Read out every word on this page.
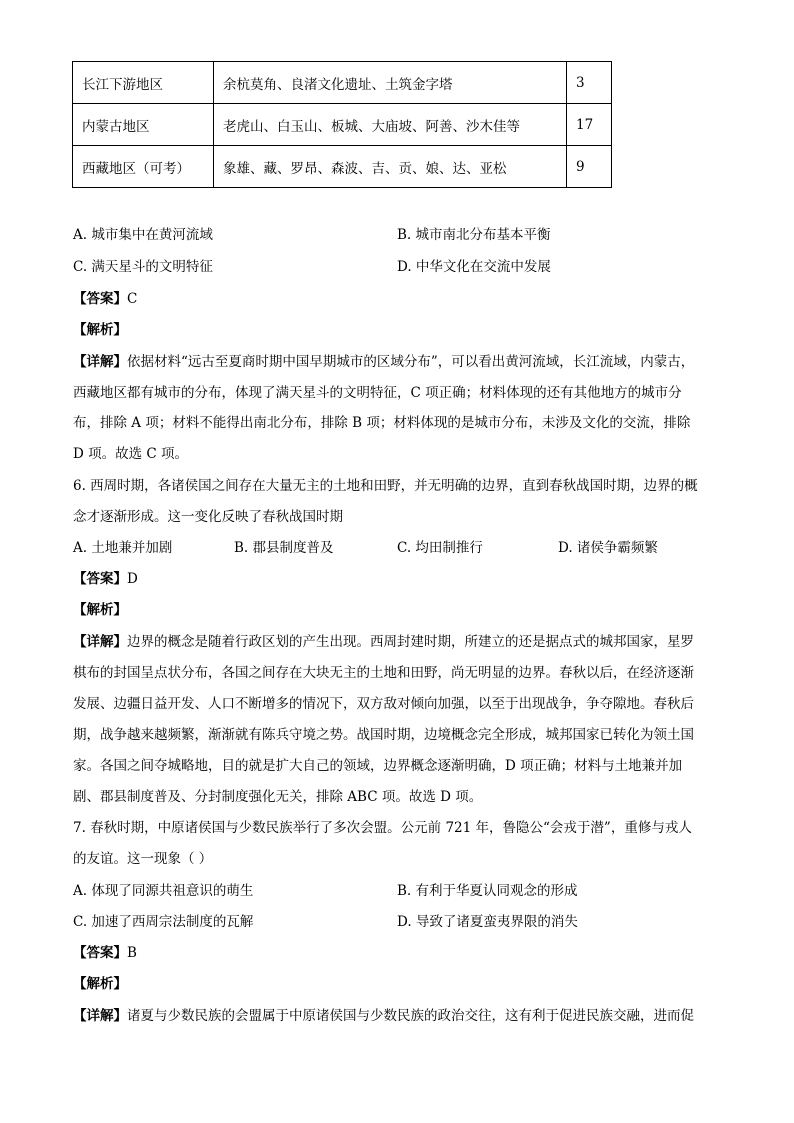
长江下游地区	余杭莫角、良渚文化遗址、土筑金字塔	3
内蒙古地区	老虎山、白玉山、板城、大庙坡、阿善、沙木佳等	17
西藏地区（可考）	象雄、藏、罗昂、森波、吉、贡、娘、达、亚松	9
A. 城市集中在黄河流域	B. 城市南北分布基本平衡
C. 满天星斗的文明特征	D. 中华文化在交流中发展
【答案】C
【解析】
【详解】依据材料“远古至夏商时期中国早期城市的区域分布”，可以看出黄河流域，长江流域，内蒙古，
西藏地区都有城市的分布，体现了满天星斗的文明特征，C 项正确；材料体现的还有其他地方的城市分
布，排除 A 项；材料不能得出南北分布，排除 B 项；材料体现的是城市分布，未涉及文化的交流，排除
D 项。故选 C 项。
6. 西周时期，各诸侯国之间存在大量无主的土地和田野，并无明确的边界，直到春秋战国时期，边界的概
念才逐渐形成。这一变化反映了春秋战国时期
A. 土地兼并加剧	B. 郡县制度普及	C. 均田制推行	D. 诸侯争霸频繁
【答案】D
【解析】
【详解】边界的概念是随着行政区划的产生出现。西周封建时期，所建立的还是据点式的城邦国家，星罗
棋布的封国呈点状分布，各国之间存在大块无主的土地和田野，尚无明显的边界。春秋以后，在经济逐渐
发展、边疆日益开发、人口不断增多的情况下，双方敌对倾向加强，以至于出现战争，争夺隙地。春秋后
期，战争越来越频繁，渐渐就有陈兵守境之势。战国时期，边境概念完全形成，城邦国家已转化为领土国
家。各国之间夺城略地，目的就是扩大自己的领域，边界概念逐渐明确，D 项正确；材料与土地兼并加
剧、郡县制度普及、分封制度强化无关，排除 ABC 项。故选 D 项。
7. 春秋时期，中原诸侯国与少数民族举行了多次会盟。公元前 721 年，鲁隐公“会戎于潜”，重修与戎人
的友谊。这一现象（ ）
A. 体现了同源共祖意识的萌生	B. 有利于华夏认同观念的形成
C. 加速了西周宗法制度的瓦解	D. 导致了诸夏蛮夷界限的消失
【答案】B
【解析】
【详解】诸夏与少数民族的会盟属于中原诸侯国与少数民族的政治交往，这有利于促进民族交融，进而促
